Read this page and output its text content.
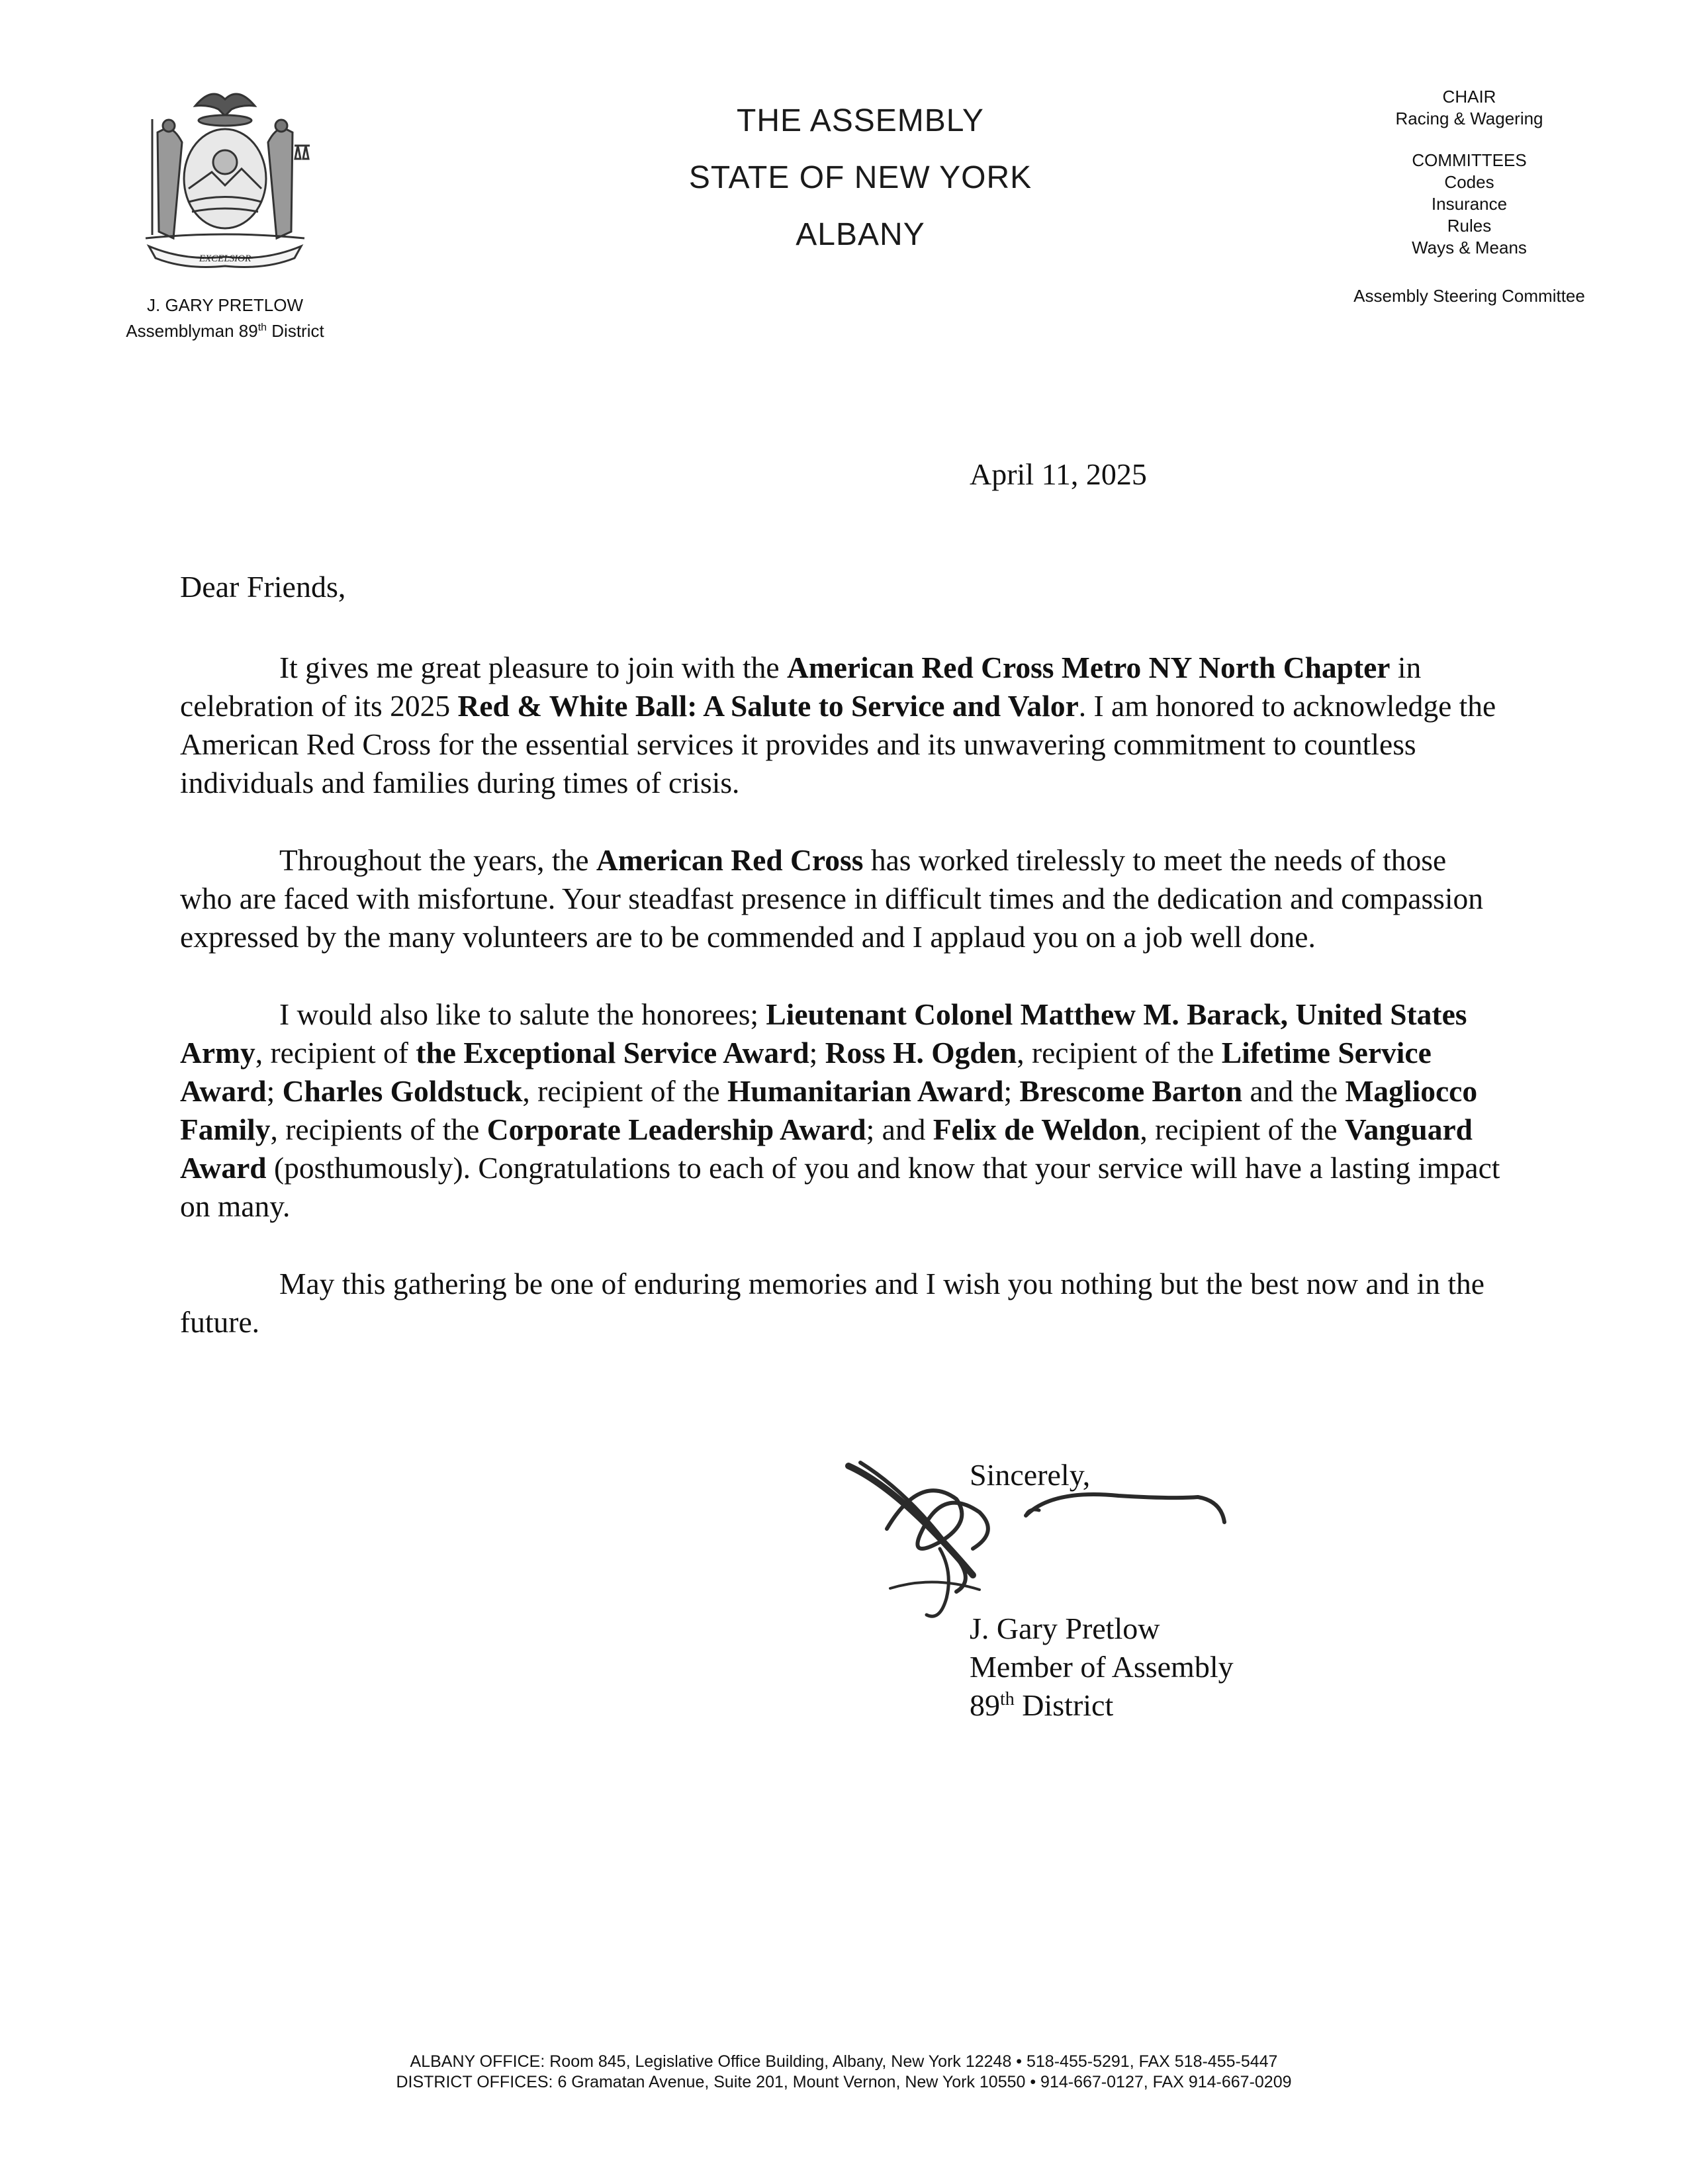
EXCELSIOR
J. GARY PRETLOW
Assemblyman 89th District
THE ASSEMBLY
STATE OF NEW YORK
ALBANY
CHAIR
Racing & Wagering
COMMITTEES
Codes
Insurance
Rules
Ways & Means
Assembly Steering Committee
April 11, 2025
Dear Friends,

It gives me great pleasure to join with the American Red Cross Metro NY North Chapter in celebration of its 2025 Red & White Ball: A Salute to Service and Valor. I am honored to acknowledge the American Red Cross for the essential services it provides and its unwavering commitment to countless individuals and families during times of crisis.

Throughout the years, the American Red Cross has worked tirelessly to meet the needs of those who are faced with misfortune. Your steadfast presence in difficult times and the dedication and compassion expressed by the many volunteers are to be commended and I applaud you on a job well done.

I would also like to salute the honorees; Lieutenant Colonel Matthew M. Barack, United States Army, recipient of the Exceptional Service Award; Ross H. Ogden, recipient of the Lifetime Service Award; Charles Goldstuck, recipient of the Humanitarian Award; Brescome Barton and the Magliocco Family, recipients of the Corporate Leadership Award; and Felix de Weldon, recipient of the Vanguard Award (posthumously). Congratulations to each of you and know that your service will have a lasting impact on many.

May this gathering be one of enduring memories and I wish you nothing but the best now and in the future.

Sincerely,
J. Gary Pretlow
Member of Assembly
89th District
ALBANY OFFICE: Room 845, Legislative Office Building, Albany, New York 12248 • 518-455-5291, FAX 518-455-5447
DISTRICT OFFICES: 6 Gramatan Avenue, Suite 201, Mount Vernon, New York 10550 • 914-667-0127, FAX 914-667-0209
